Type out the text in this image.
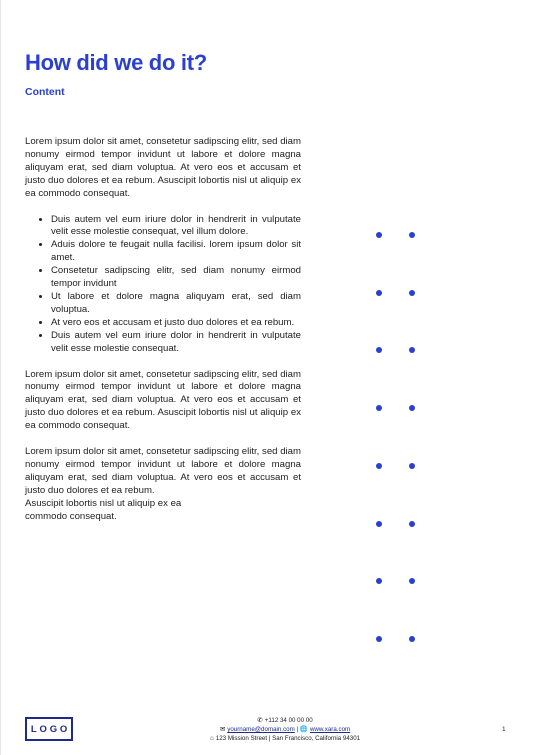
How did we do it?

Content

Lorem ipsum dolor sit amet, consetetur sadipscing elitr, sed diam nonumy eirmod tempor invidunt ut labore et dolore magna aliquyam erat, sed diam voluptua. At vero eos et accusam et justo duo dolores et ea rebum. Asuscipit lobortis nisl ut aliquip ex ea commodo consequat.

• Duis autem vel eum iriure dolor in hendrerit in vulputate velit esse molestie consequat, vel illum dolore.
• Aduis dolore te feugait nulla facilisi. lorem ipsum dolor sit amet.
• Consetetur sadipscing elitr, sed diam nonumy eirmod tempor invidunt
• Ut labore et dolore magna aliquyam erat, sed diam voluptua.
• At vero eos et accusam et justo duo dolores et ea rebum.
• Duis autem vel eum iriure dolor in hendrerit in vulputate velit esse molestie consequat.

Lorem ipsum dolor sit amet, consetetur sadipscing elitr, sed diam nonumy eirmod tempor invidunt ut labore et dolore magna aliquyam erat, sed diam voluptua. At vero eos et accusam et justo duo dolores et ea rebum. Asuscipit lobortis nisl ut aliquip ex ea commodo consequat.

Lorem ipsum dolor sit amet, consetetur sadipscing elitr, sed diam nonumy eirmod tempor invidunt ut labore et dolore magna aliquyam erat, sed diam voluptua. At vero eos et accusam et justo duo dolores et ea rebum.

Asuscipit lobortis nisl ut aliquip ex ea

commodo consequat.

LOGO
✆ +112 34 00 00 00
✉ yourname@domain.com | 🌐 www.xara.com
⌂ 123 Mission Street | San Francisco, California 94301
1
